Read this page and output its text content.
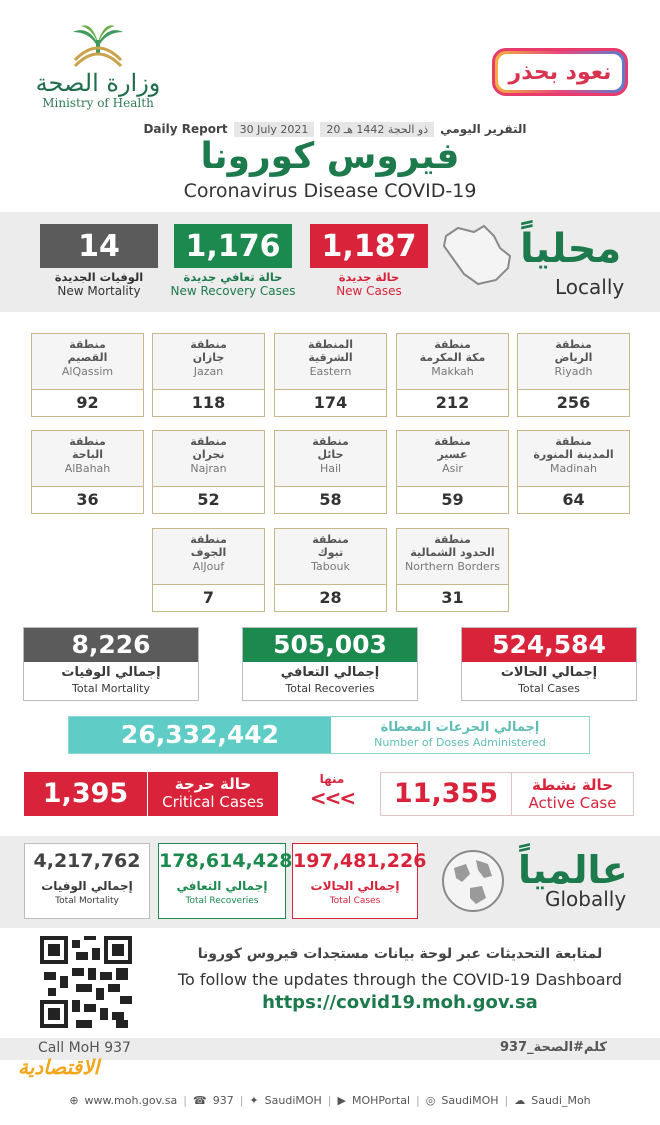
وزارة الصحة
Ministry of Health
نعود بحذر
Daily Report	30 July 2021	20 ذو الحجة 1442 هـ	التقرير اليومي
فيروس كورونا
Coronavirus Disease COVID-19
14	1,176	1,187
الوفيات الجديدة
New Mortality
حالة تعافي جديدة
New Recovery Cases
حالة جديدة
New Cases
محلياً
Locally
منطقة
الرياض
Riyadh
256
منطقة
مكة المكرمة
Makkah
212
المنطقة
الشرقية
Eastern
174
منطقة
جازان
Jazan
118
منطقة
القصيم
AlQassim
92
منطقة
المدينة المنورة
Madinah
64
منطقة
عسير
Asir
59
منطقة
حائل
Hail
58
منطقة
نجران
Najran
52
منطقة
الباحة
AlBahah
36
منطقة
الحدود الشمالية
Northern Borders
31
منطقة
تبوك
Tabouk
28
منطقة
الجوف
AlJouf
7
8,226
إجمالي الوفيات
Total Mortality
505,003
إجمالي التعافي
Total Recoveries
524,584
إجمالي الحالات
Total Cases
26,332,442	إجمالي الجرعات المعطاة
Number of Doses Administered
1,395	حالة حرجة
Critical Cases
منها
<<<	11,355	حالة نشطة
Active Case
4,217,762
إجمالي الوفيات
Total Mortality
178,614,428
إجمالي التعافي
Total Recoveries
197,481,226
إجمالي الحالات
Total Cases
عالمياً
Globally
لمتابعة التحديثات عبر لوحة بيانات مستجدات فيروس كورونا
To follow the updates through the COVID-19 Dashboard
https://covid19.moh.gov.sa
Call MoH 937	كلم#الصحة_937
الاقتصادية
⊕ www.moh.gov.sa | ☎ 937 | ✦ SaudiMOH | ▶ MOHPortal | ◎ SaudiMOH | ☁ Saudi_Moh
